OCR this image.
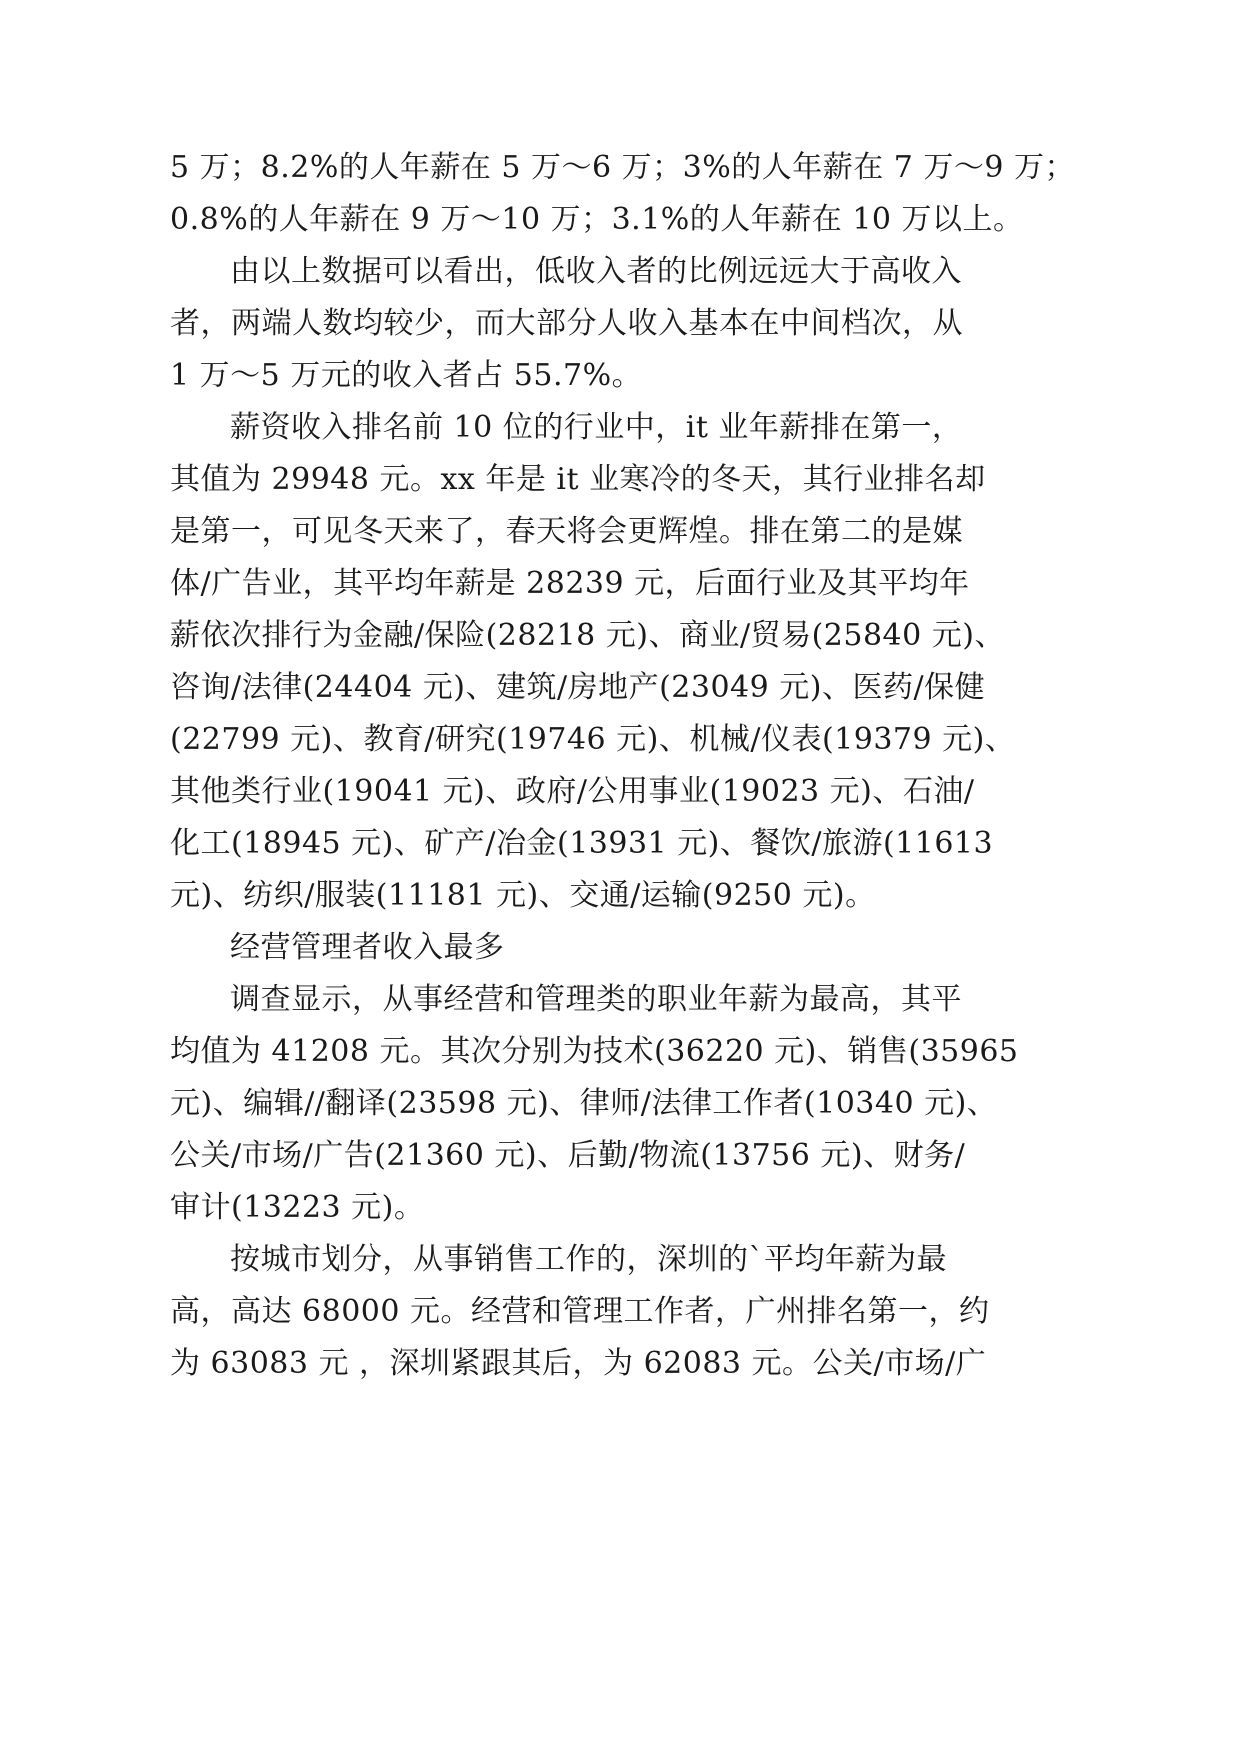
5 万；8.2%的人年薪在 5 万～6 万；3%的人年薪在 7 万～9 万；
0.8%的人年薪在 9 万～10 万；3.1%的人年薪在 10 万以上。
由以上数据可以看出，低收入者的比例远远大于高收入
者，两端人数均较少，而大部分人收入基本在中间档次，从
1 万～5 万元的收入者占 55.7%。
薪资收入排名前 10 位的行业中，it 业年薪排在第一，
其值为 29948 元。xx 年是 it 业寒冷的冬天，其行业排名却
是第一，可见冬天来了，春天将会更辉煌。排在第二的是媒
体/广告业，其平均年薪是 28239 元，后面行业及其平均年
薪依次排行为金融/保险(28218 元)、商业/贸易(25840 元)、
咨询/法律(24404 元)、建筑/房地产(23049 元)、医药/保健
(22799 元)、教育/研究(19746 元)、机械/仪表(19379 元)、
其他类行业(19041 元)、政府/公用事业(19023 元)、石油/
化工(18945 元)、矿产/冶金(13931 元)、餐饮/旅游(11613
元)、纺织/服装(11181 元)、交通/运输(9250 元)。
经营管理者收入最多
调查显示，从事经营和管理类的职业年薪为最高，其平
均值为 41208 元。其次分别为技术(36220 元)、销售(35965
元)、编辑//翻译(23598 元)、律师/法律工作者(10340 元)、
公关/市场/广告(21360 元)、后勤/物流(13756 元)、财务/
审计(13223 元)。
按城市划分，从事销售工作的，深圳的`平均年薪为最
高，高达 68000 元。经营和管理工作者，广州排名第一，约
为 63083 元 ，深圳紧跟其后，为 62083 元。公关/市场/广
